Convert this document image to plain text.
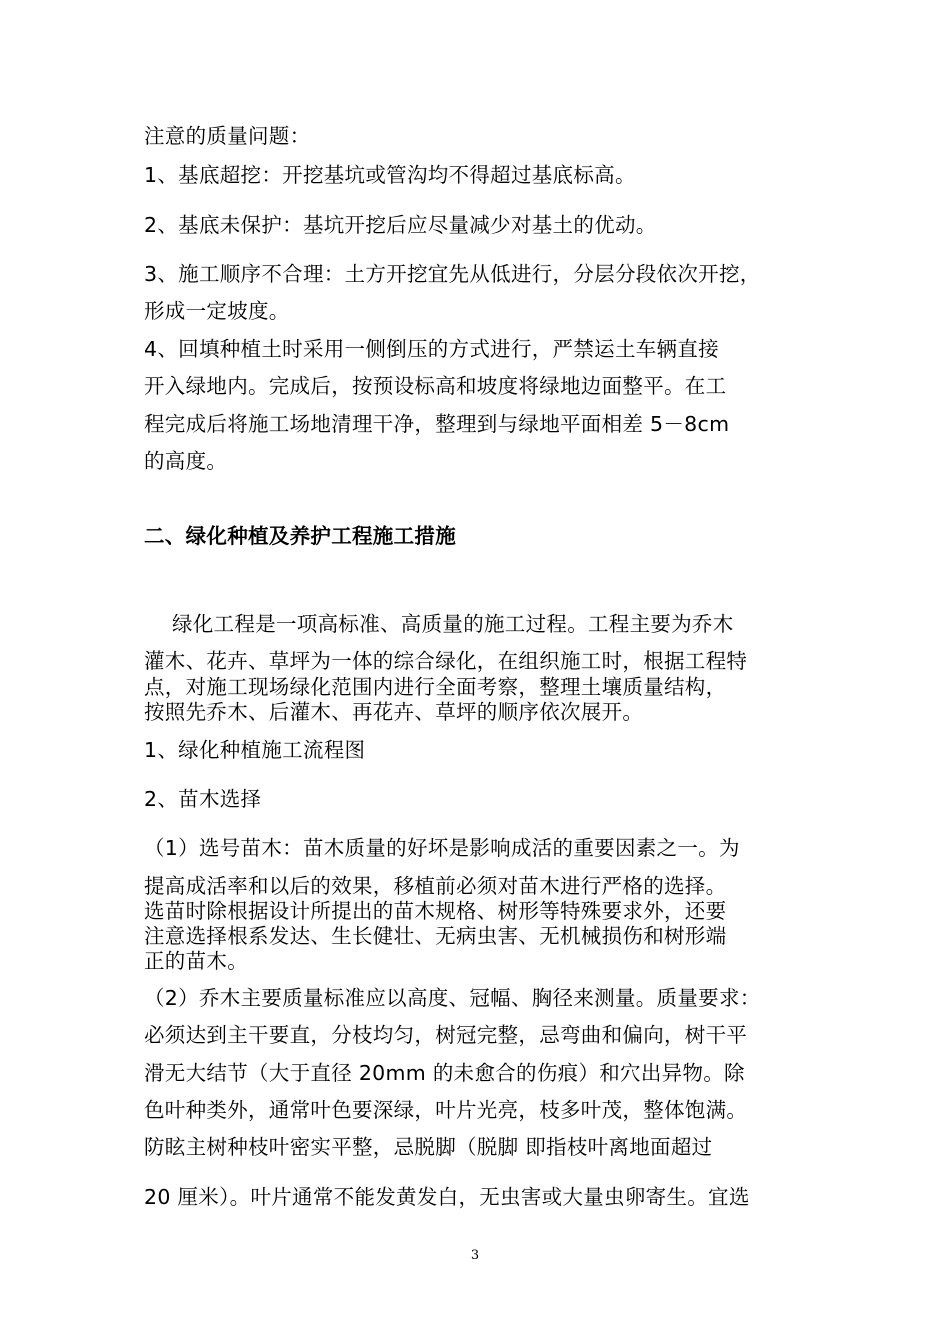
注意的质量问题：
1、基底超挖：开挖基坑或管沟均不得超过基底标高。
2、基底未保护：基坑开挖后应尽量减少对基土的优动。
3、施工顺序不合理：土方开挖宜先从低进行，分层分段依次开挖，
形成一定坡度。
4、回填种植土时采用一侧倒压的方式进行，严禁运土车辆直接
开入绿地内。完成后，按预设标高和坡度将绿地边面整平。在工
程完成后将施工场地清理干净，整理到与绿地平面相差 5－8cm
的高度。
二、绿化种植及养护工程施工措施
绿化工程是一项高标准、高质量的施工过程。工程主要为乔木
灌木、花卉、草坪为一体的综合绿化，在组织施工时，根据工程特
点，对施工现场绿化范围内进行全面考察，整理土壤质量结构，
按照先乔木、后灌木、再花卉、草坪的顺序依次展开。
1、绿化种植施工流程图
2、苗木选择
（1）选号苗木：苗木质量的好坏是影响成活的重要因素之一。为
提高成活率和以后的效果，移植前必须对苗木进行严格的选择。
选苗时除根据设计所提出的苗木规格、树形等特殊要求外，还要
注意选择根系发达、生长健壮、无病虫害、无机械损伤和树形端
正的苗木。
（2）乔木主要质量标准应以高度、冠幅、胸径来测量。质量要求：
必须达到主干要直，分枝均匀，树冠完整，忌弯曲和偏向，树干平
滑无大结节（大于直径 20mm 的未愈合的伤痕）和穴出异物。除
色叶种类外，通常叶色要深绿，叶片光亮，枝多叶茂，整体饱满。
防眩主树种枝叶密实平整，忌脱脚（脱脚 即指枝叶离地面超过
20 厘米）。叶片通常不能发黄发白，无虫害或大量虫卵寄生。宜选
3
